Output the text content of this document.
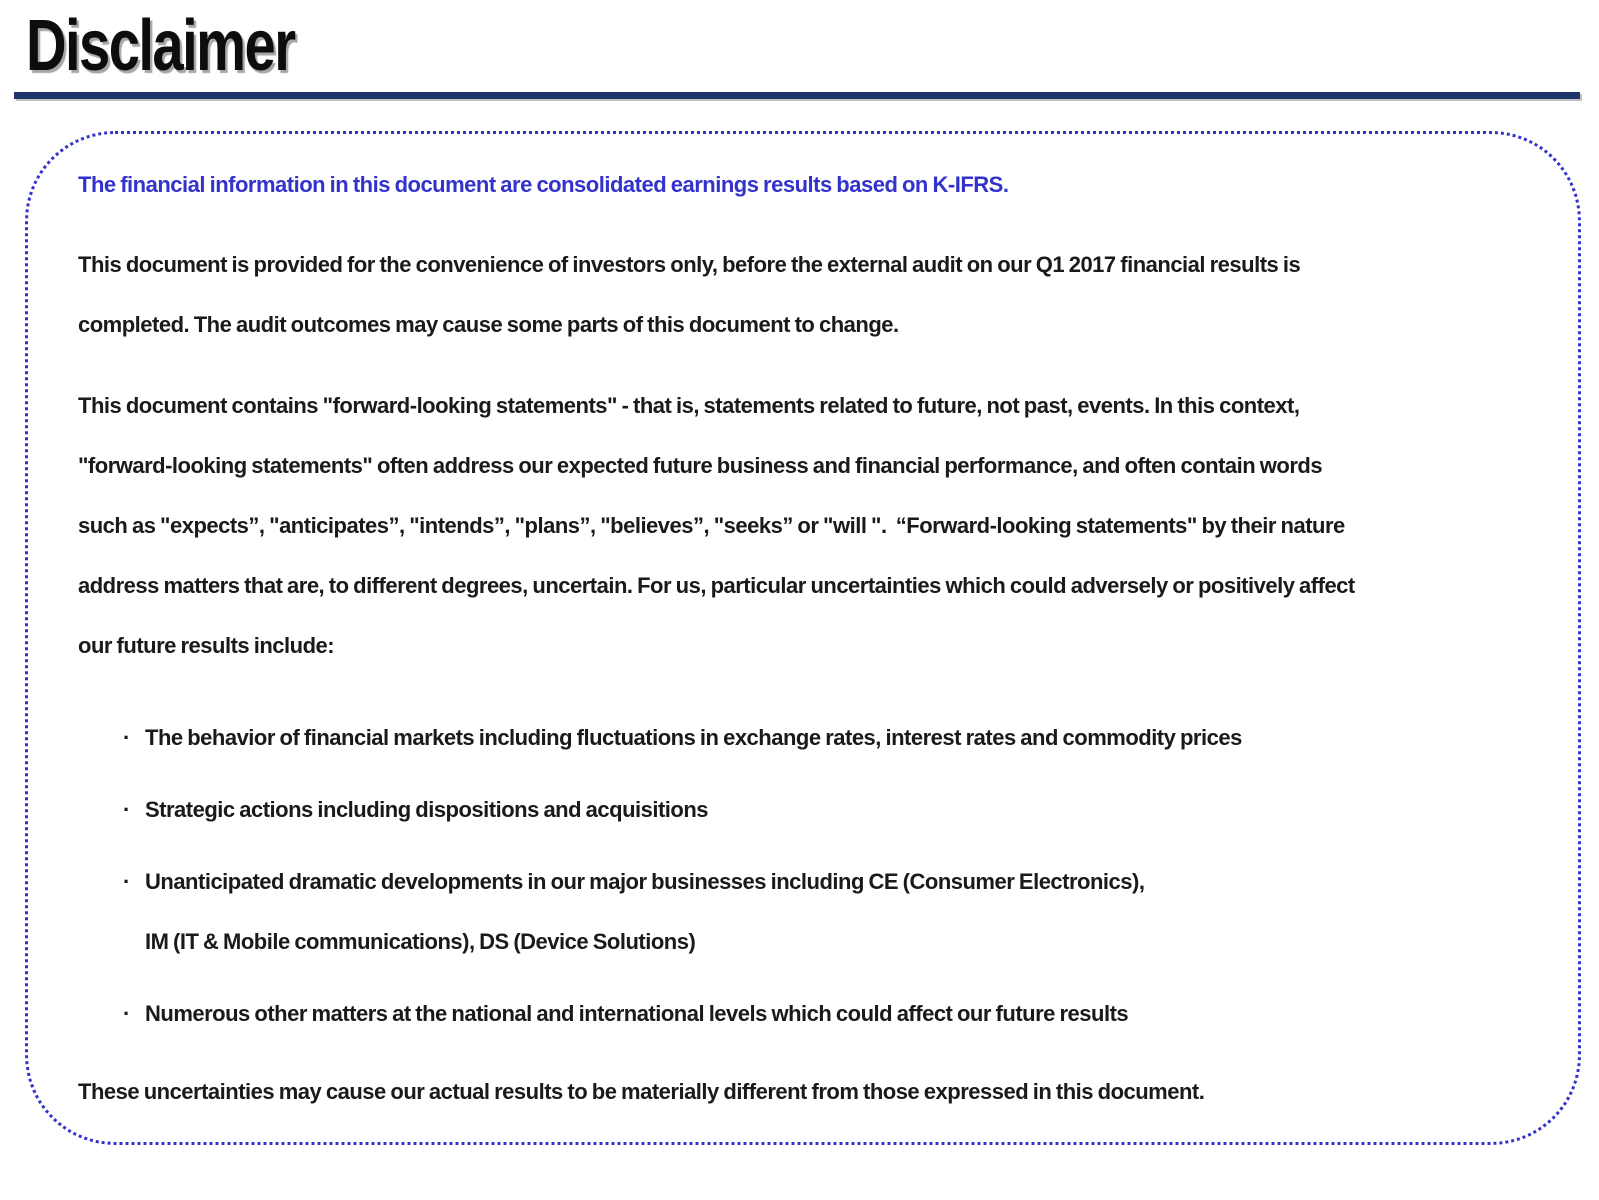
Disclaimer

The financial information in this document are consolidated earnings results based on K-IFRS.

This document is provided for the convenience of investors only, before the external audit on our Q1 2017 financial results is
completed. The audit outcomes may cause some parts of this document to change.
This document contains "forward-looking statements" - that is, statements related to future, not past, events. In this context,
"forward-looking statements" often address our expected future business and financial performance, and often contain words
such as "expects”, "anticipates”, "intends”, "plans”, "believes”, "seeks” or "will ".  “Forward-looking statements" by their nature
address matters that are, to different degrees, uncertain. For us, particular uncertainties which could adversely or positively affect
our future results include:
· The behavior of financial markets including fluctuations in exchange rates, interest rates and commodity prices
· Strategic actions including dispositions and acquisitions
· Unanticipated dramatic developments in our major businesses including CE (Consumer Electronics),
IM (IT & Mobile communications), DS (Device Solutions)
· Numerous other matters at the national and international levels which could affect our future results

These uncertainties may cause our actual results to be materially different from those expressed in this document.
